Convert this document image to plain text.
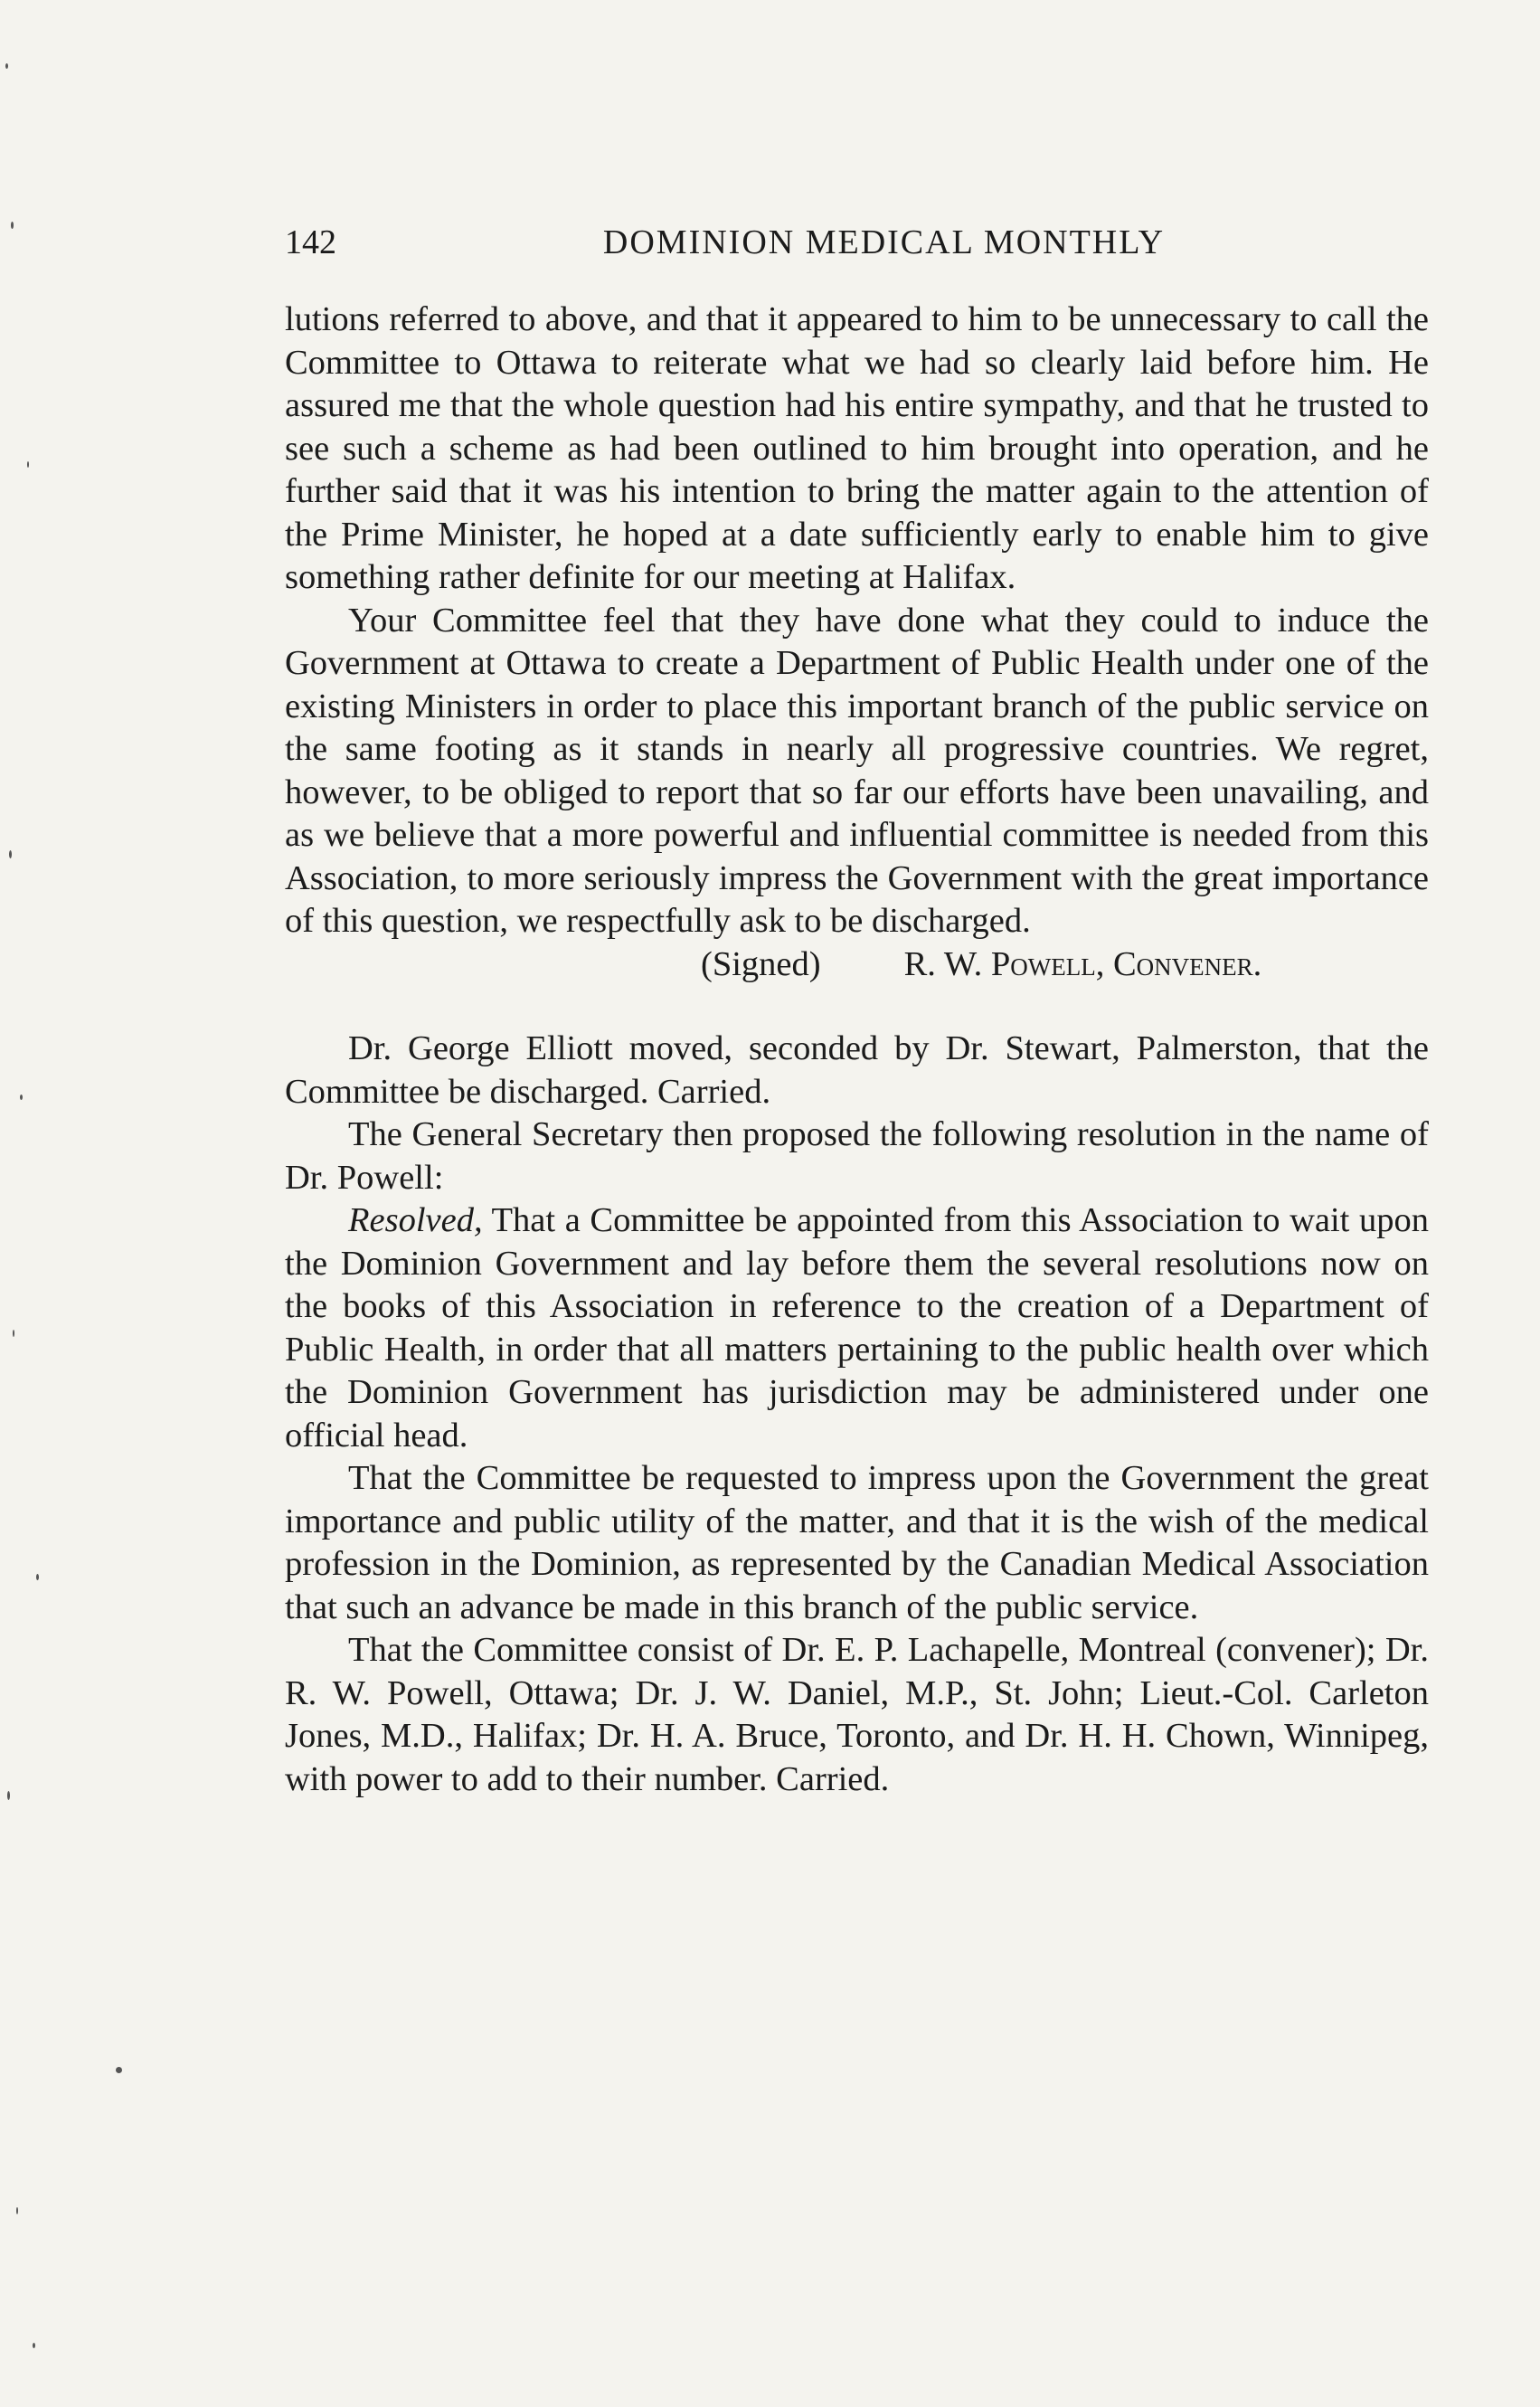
142	DOMINION MEDICAL MONTHLY

lutions referred to above, and that it appeared to him to be unnecessary to call the Committee to Ottawa to reiterate what we had so clearly laid before him. He assured me that the whole question had his entire sympathy, and that he trusted to see such a scheme as had been outlined to him brought into operation, and he further said that it was his intention to bring the matter again to the attention of the Prime Minister, he hoped at a date sufficiently early to enable him to give something rather definite for our meeting at Halifax.

Your Committee feel that they have done what they could to induce the Government at Ottawa to create a Department of Public Health under one of the existing Ministers in order to place this important branch of the public service on the same footing as it stands in nearly all progressive countries. We regret, however, to be obliged to report that so far our efforts have been unavailing, and as we believe that a more powerful and influential committee is needed from this Association, to more seriously impress the Government with the great importance of this question, we respectfully ask to be discharged.

(Signed) R. W. Powell, Convener.

Dr. George Elliott moved, seconded by Dr. Stewart, Palmerston, that the Committee be discharged. Carried.

The General Secretary then proposed the following resolution in the name of Dr. Powell:

Resolved, That a Committee be appointed from this Association to wait upon the Dominion Government and lay before them the several resolutions now on the books of this Association in reference to the creation of a Department of Public Health, in order that all matters pertaining to the public health over which the Dominion Government has jurisdiction may be administered under one official head.

That the Committee be requested to impress upon the Government the great importance and public utility of the matter, and that it is the wish of the medical profession in the Dominion, as represented by the Canadian Medical Association that such an advance be made in this branch of the public service.

That the Committee consist of Dr. E. P. Lachapelle, Montreal (convener); Dr. R. W. Powell, Ottawa; Dr. J. W. Daniel, M.P., St. John; Lieut.-Col. Carleton Jones, M.D., Halifax; Dr. H. A. Bruce, Toronto, and Dr. H. H. Chown, Winnipeg, with power to add to their number. Carried.
